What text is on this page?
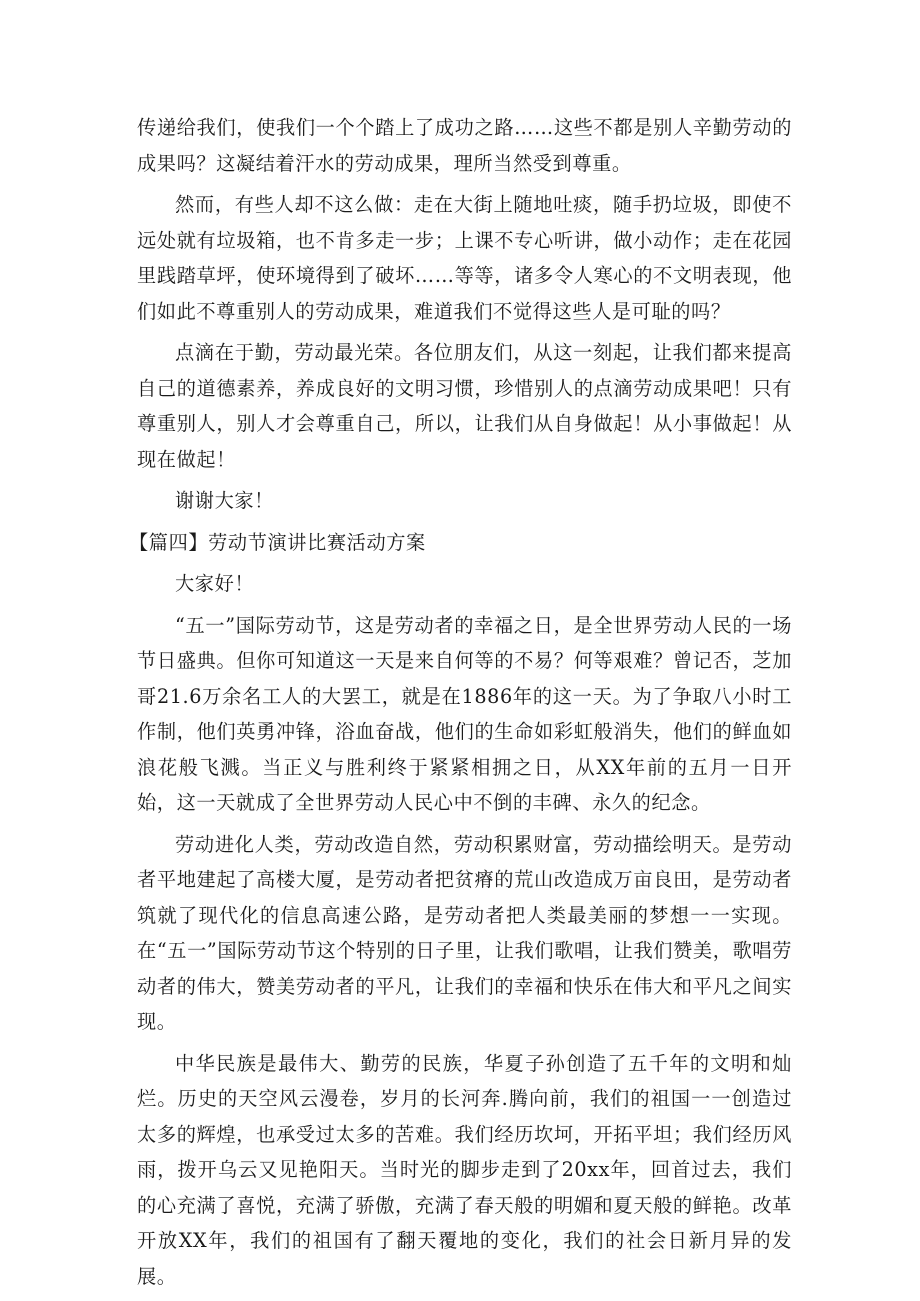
传递给我们，使我们一个个踏上了成功之路……这些不都是别人辛勤劳动的成果吗？这凝结着汗水的劳动成果，理所当然受到尊重。

然而，有些人却不这么做：走在大街上随地吐痰，随手扔垃圾，即使不远处就有垃圾箱，也不肯多走一步；上课不专心听讲，做小动作；走在花园里践踏草坪，使环境得到了破坏……等等，诸多令人寒心的不文明表现，他们如此不尊重别人的劳动成果，难道我们不觉得这些人是可耻的吗？

点滴在于勤，劳动最光荣。各位朋友们，从这一刻起，让我们都来提高自己的道德素养，养成良好的文明习惯，珍惜别人的点滴劳动成果吧！只有尊重别人，别人才会尊重自己，所以，让我们从自身做起！从小事做起！从现在做起！

谢谢大家！

【篇四】劳动节演讲比赛活动方案

大家好！

“五一”国际劳动节，这是劳动者的幸福之日，是全世界劳动人民的一场节日盛典。但你可知道这一天是来自何等的不易？何等艰难？曾记否，芝加哥21.6万余名工人的大罢工，就是在1886年的这一天。为了争取八小时工作制，他们英勇冲锋，浴血奋战，他们的生命如彩虹般消失，他们的鲜血如浪花般飞溅。当正义与胜利终于紧紧相拥之日，从XX年前的五月一日开始，这一天就成了全世界劳动人民心中不倒的丰碑、永久的纪念。

劳动进化人类，劳动改造自然，劳动积累财富，劳动描绘明天。是劳动者平地建起了高楼大厦，是劳动者把贫瘠的荒山改造成万亩良田，是劳动者筑就了现代化的信息高速公路，是劳动者把人类最美丽的梦想一一实现。在“五一”国际劳动节这个特别的日子里，让我们歌唱，让我们赞美，歌唱劳动者的伟大，赞美劳动者的平凡，让我们的幸福和快乐在伟大和平凡之间实现。

中华民族是最伟大、勤劳的民族，华夏子孙创造了五千年的文明和灿烂。历史的天空风云漫卷，岁月的长河奔.腾向前，我们的祖国一一创造过太多的辉煌，也承受过太多的苦难。我们经历坎坷，开拓平坦；我们经历风雨，拨开乌云又见艳阳天。当时光的脚步走到了20xx年，回首过去，我们的心充满了喜悦，充满了骄傲，充满了春天般的明媚和夏天般的鲜艳。改革开放XX年，我们的祖国有了翻天覆地的变化，我们的社会日新月异的发展。
